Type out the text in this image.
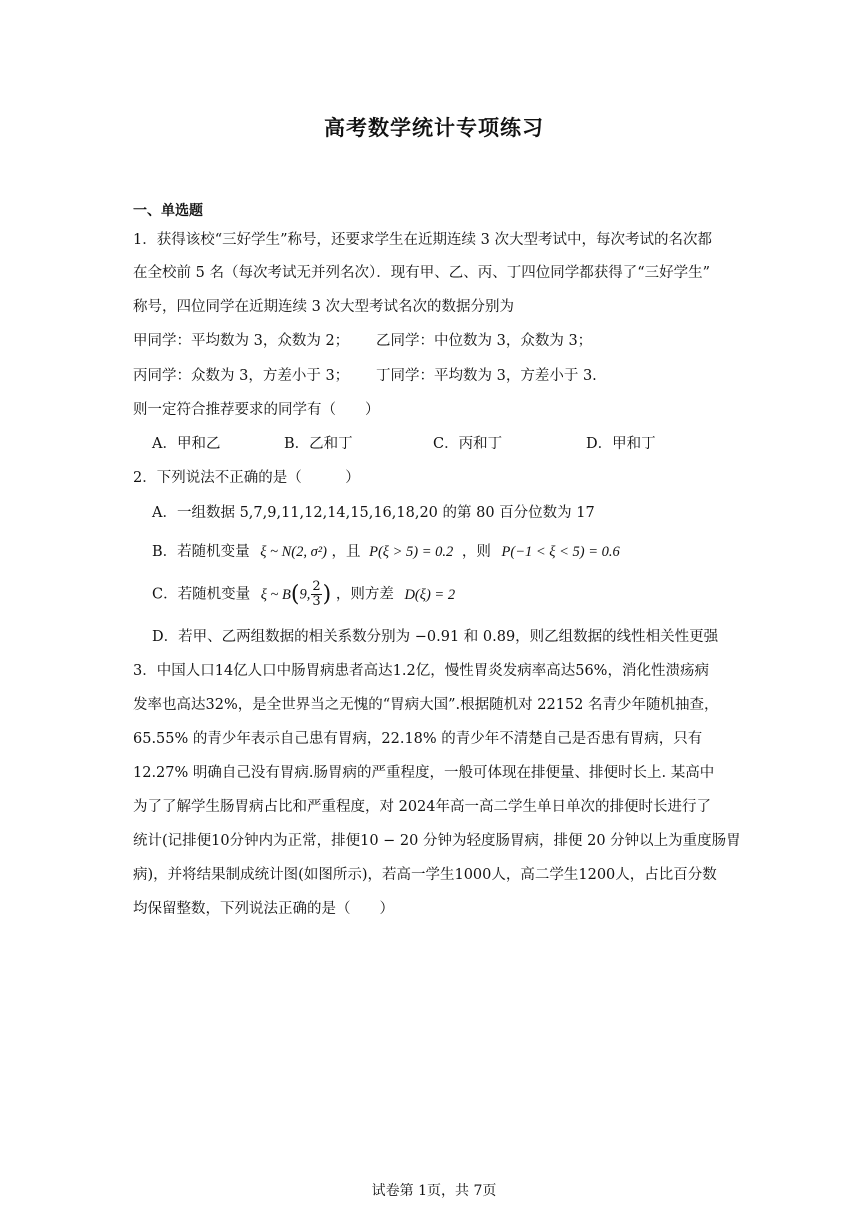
高考数学统计专项练习
一、单选题
1．获得该校“三好学生”称号，还要求学生在近期连续 3 次大型考试中，每次考试的名次都
在全校前 5 名（每次考试无并列名次）．现有甲、乙、丙、丁四位同学都获得了“三好学生”
称号，四位同学在近期连续 3 次大型考试名次的数据分别为
甲同学：平均数为 3，众数为 2； 乙同学：中位数为 3，众数为 3；
丙同学：众数为 3，方差小于 3； 丁同学：平均数为 3，方差小于 3.
则一定符合推荐要求的同学有（　　）
A．甲和乙	B．乙和丁	C．丙和丁	D．甲和丁
2．下列说法不正确的是（　　　）
A．一组数据 5,7,9,11,12,14,15,16,18,20 的第 80 百分位数为 17
B．若随机变量 ξ ~ N(2, σ²) ，且 P(ξ > 5) = 0.2 ，则 P(−1 < ξ < 5) = 0.6
C．若随机变量 ξ ~ B(9, $\frac{2}{3}$ ) ，则方差 D(ξ) = 2
D．若甲、乙两组数据的相关系数分别为 −0.91 和 0.89，则乙组数据的线性相关性更强
3．中国人口14亿人口中肠胃病患者高达1.2亿，慢性胃炎发病率高达56%，消化性溃疡病
发率也高达32%，是全世界当之无愧的“胃病大国”.根据随机对 22152 名青少年随机抽查，
65.55% 的青少年表示自己患有胃病，22.18% 的青少年不清楚自己是否患有胃病，只有
12.27% 明确自己没有胃病.肠胃病的严重程度，一般可体现在排便量、排便时长上. 某高中
为了了解学生肠胃病占比和严重程度，对 2024年高一高二学生单日单次的排便时长进行了
统计(记排便10分钟内为正常，排便10 − 20 分钟为轻度肠胃病，排便 20 分钟以上为重度肠胃
病)，并将结果制成统计图(如图所示)，若高一学生1000人，高二学生1200人，占比百分数
均保留整数，下列说法正确的是（　　）
试卷第 1页，共 7页
